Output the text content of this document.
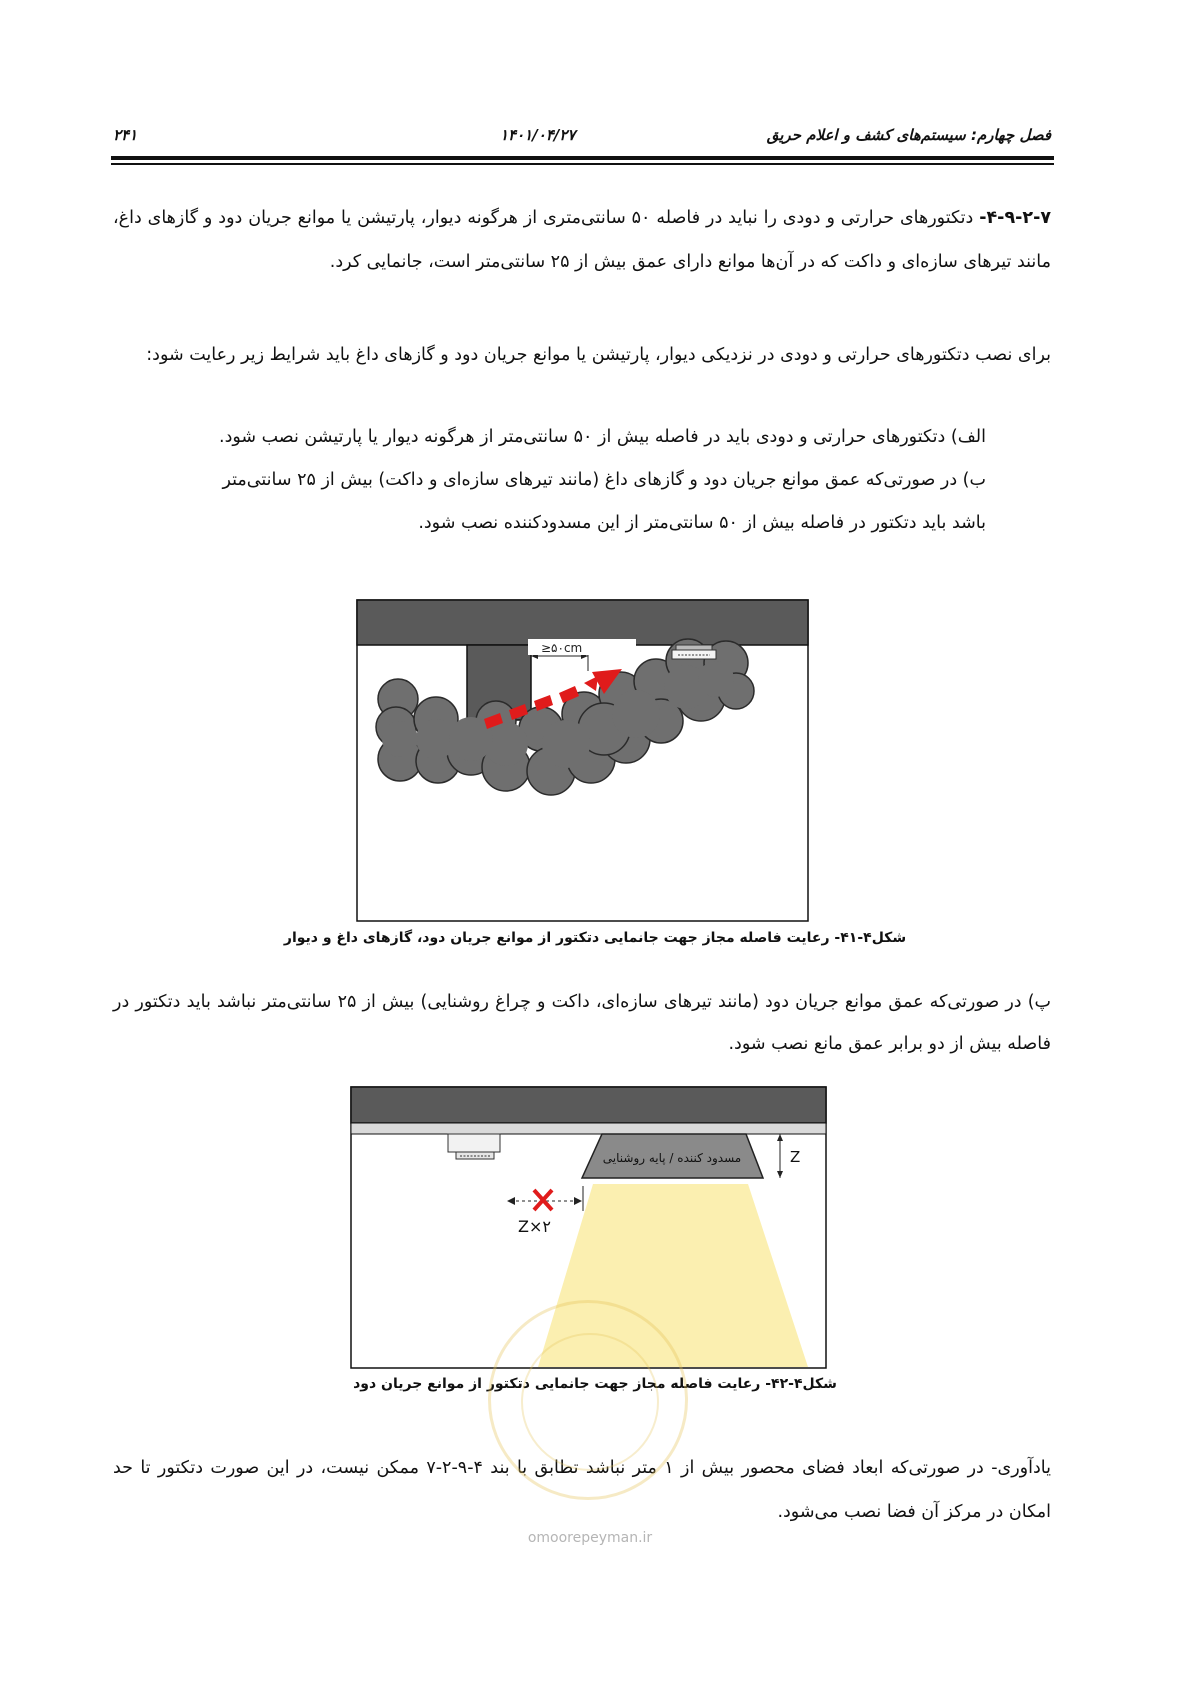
۲۴۱	۱۴۰۱/۰۴/۲۷	فصل چهارم: سیستم‌های کشف و اعلام حریق

۴-۹-۲-۷- دتکتورهای حرارتی و دودی را نباید در فاصله ۵۰ سانتی‌متری از هرگونه دیوار، پارتیشن یا موانع جریان دود و گازهای داغ، مانند تیرهای سازه‌ای و داکت که در آن‌ها موانع دارای عمق بیش از ۲۵ سانتی‌متر است، جانمایی کرد.

برای نصب دتکتورهای حرارتی و دودی در نزدیکی دیوار، پارتیشن یا موانع جریان دود و گازهای داغ باید شرایط زیر رعایت شود:

الف) دتکتورهای حرارتی و دودی باید در فاصله بیش از ۵۰ سانتی‌متر از هرگونه دیوار یا پارتیشن نصب شود.
ب) در صورتی‌که عمق موانع جریان دود و گازهای داغ (مانند تیرهای سازه‌ای و داکت) بیش از ۲۵ سانتی‌متر
باشد باید دتکتور در فاصله بیش از ۵۰ سانتی‌متر از این مسدودکننده نصب شود.
≥۵۰cm
شکل۴-۴۱- رعایت فاصله مجاز جهت جانمایی دتکتور از موانع جریان دود، گازهای داغ و دیوار

پ) در صورتی‌که عمق موانع جریان دود (مانند تیرهای سازه‌ای، داکت و چراغ روشنایی) بیش از ۲۵ سانتی‌متر نباشد باید دتکتور در فاصله بیش از دو برابر عمق مانع نصب شود.

مسدود کننده / پایه روشنایی	Z
Z×۲
شکل۴-۴۲- رعایت فاصله مجاز جهت جانمایی دتکتور از موانع جریان دود

یادآوری- در صورتی‌که ابعاد فضای محصور بیش از ۱ متر نباشد تطابق با بند ۴-۹-۲-۷ ممکن نیست، در این صورت دتکتور تا حد امکان در مرکز آن فضا نصب می‌شود.

omoorepeyman.ir
